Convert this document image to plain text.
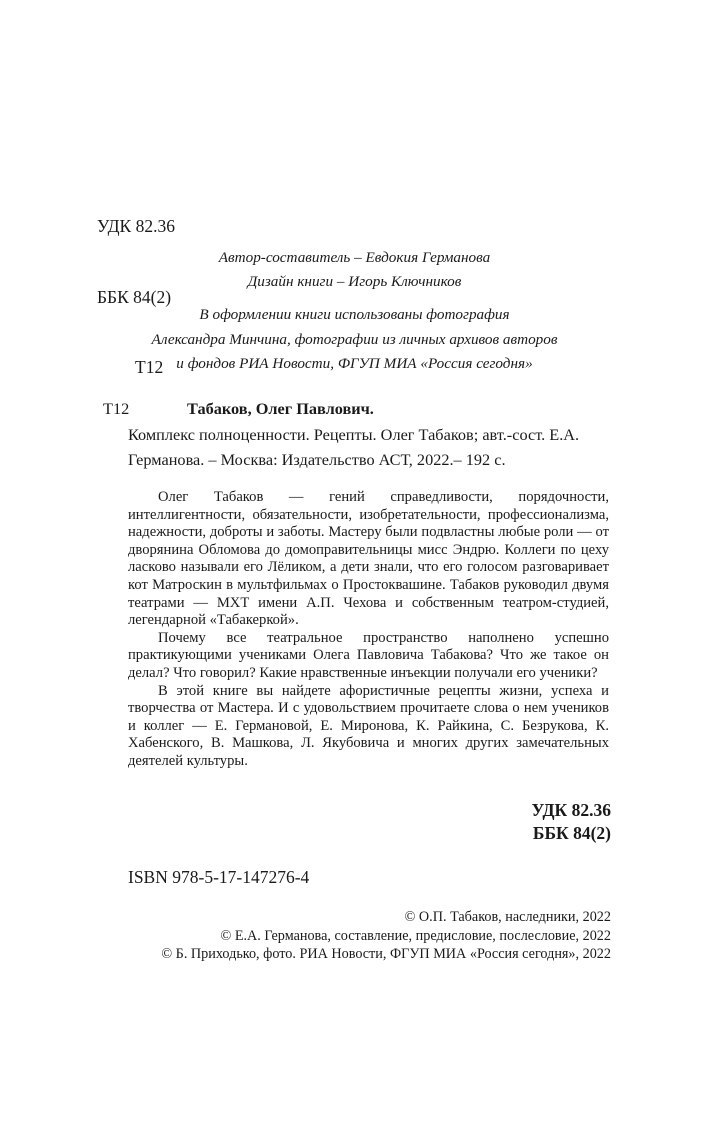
УДК 82.36

ББК 84(2)

Т12

Автор-составитель – Евдокия Германова
Дизайн книги – Игорь Ключников
В оформлении книги использованы фотография
Александра Минчина, фотографии из личных архивов авторов
и фондов РИА Новости, ФГУП МИА «Россия сегодня»
Т12	Табаков, Олег Павлович.
Комплекс полноценности. Рецепты. Олег Табаков; авт.-сост. Е.А. Германова. – Москва: Издательство АСТ, 2022.– 192 с.

Олег Табаков — гений справедливости, порядочности, интеллигентности, обязательности, изобретательности, профессионализма, надежности, доброты и заботы. Мастеру были подвластны любые роли — от дворянина Обломова до домоправительницы мисс Эндрю. Коллеги по цеху ласково называли его Лёликом, а дети знали, что его голосом разговаривает кот Матроскин в мультфильмах о Простоквашине. Табаков руководил двумя театрами — МХТ имени А.П. Чехова и собственным театром-студией, легендарной «Табакеркой».

Почему все театральное пространство наполнено успешно практикующими учениками Олега Павловича Табакова? Что же такое он делал? Что говорил? Какие нравственные инъекции получали его ученики?

В этой книге вы найдете афористичные рецепты жизни, успеха и творчества от Мастера. И с удовольствием прочитаете слова о нем учеников и коллег — Е. Германовой, Е. Миронова, К. Райкина, С. Безрукова, К. Хабенского, В. Машкова, Л. Якубовича и многих других замечательных деятелей культуры.

УДК 82.36
ББК 84(2)
ISBN 978-5-17-147276-4
© О.П. Табаков, наследники, 2022
© Е.А. Германова, составление, предисловие, послесловие, 2022
© Б. Приходько, фото. РИА Новости, ФГУП МИА «Россия сегодня», 2022
